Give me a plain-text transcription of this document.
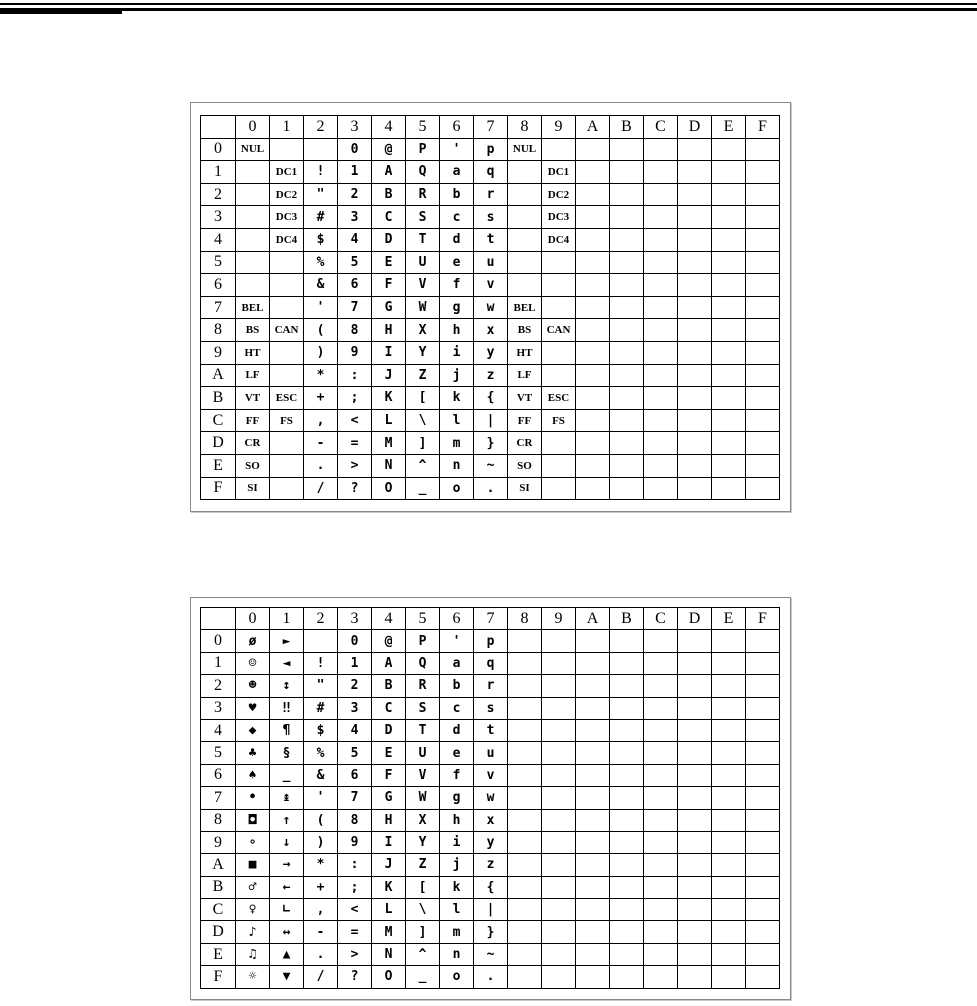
	0	1	2	3	4	5	6	7	8	9	A	B	C	D	E	F
0	NUL			0	@	P	'	p	NUL							
1		DC1	!	1	A	Q	a	q		DC1						
2		DC2	"	2	B	R	b	r		DC2						
3		DC3	#	3	C	S	c	s		DC3						
4		DC4	$	4	D	T	d	t		DC4						
5			%	5	E	U	e	u								
6			&	6	F	V	f	v								
7	BEL		'	7	G	W	g	w	BEL							
8	BS	CAN	(	8	H	X	h	x	BS	CAN						
9	HT		)	9	I	Y	i	y	HT							
A	LF		*	:	J	Z	j	z	LF							
B	VT	ESC	+	;	K	[	k	{	VT	ESC						
C	FF	FS	,	<	L	\	l	|	FF	FS						
D	CR		-	=	M	]	m	}	CR							
E	SO		.	>	N	^	n	~	SO							
F	SI		/	?	O	_	o	.	SI							
	0	1	2	3	4	5	6	7	8	9	A	B	C	D	E	F
0	ø	►		0	@	P	'	p								
1	☺	◄	!	1	A	Q	a	q								
2	☻	↕	"	2	B	R	b	r								
3	♥	‼	#	3	C	S	c	s								
4	◆	¶	$	4	D	T	d	t								
5	♣	§	%	5	E	U	e	u								
6	♠	_	&	6	F	V	f	v								
7	•	↨	'	7	G	W	g	w								
8	◘	↑	(	8	H	X	h	x								
9	∘	↓	)	9	I	Y	i	y								
A	■	→	*	:	J	Z	j	z								
B	♂	←	+	;	K	[	k	{								
C	♀	∟	,	<	L	\	l	|								
D	♪	↔	-	=	M	]	m	}								
E	♫	▲	.	>	N	^	n	~								
F	☼	▼	/	?	O	_	o	.								
